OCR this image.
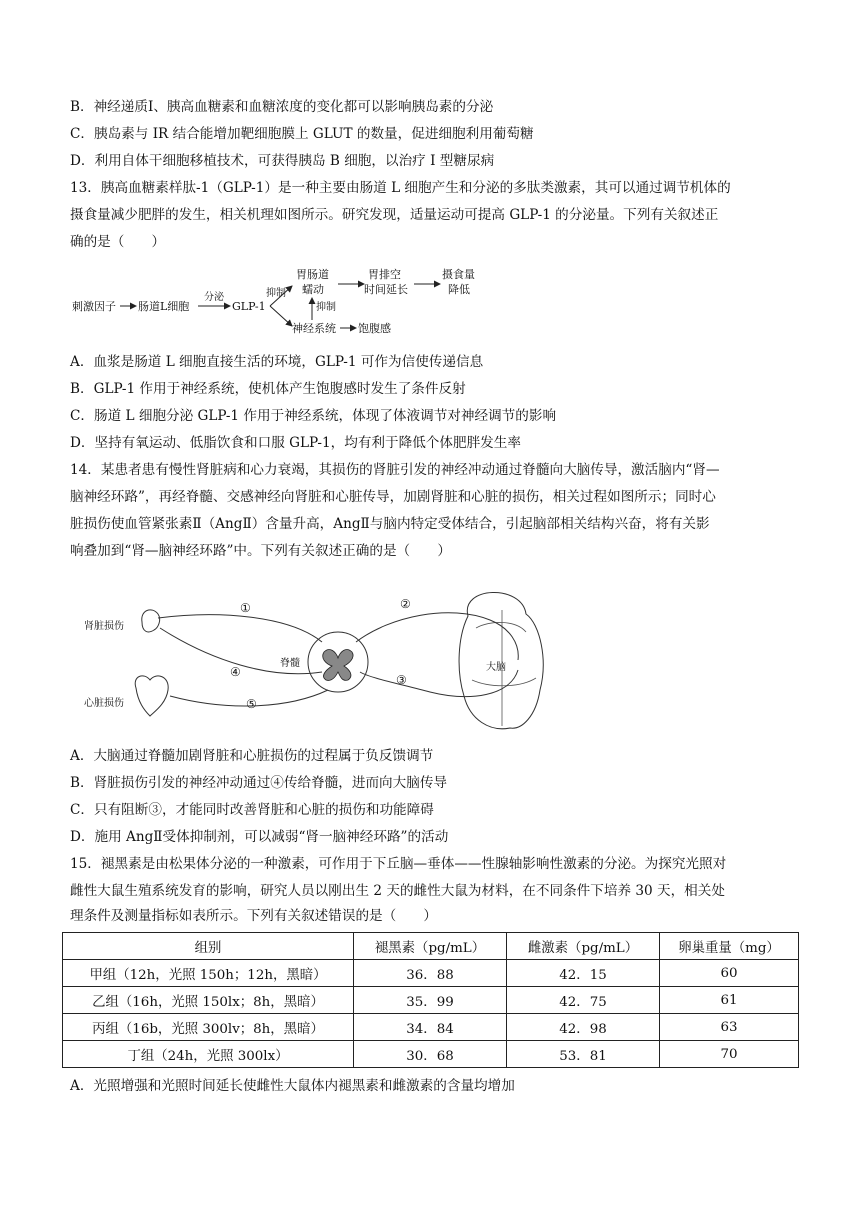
B．神经递质Ⅰ、胰高血糖素和血糖浓度的变化都可以影响胰岛素的分泌
C．胰岛素与 IR 结合能增加靶细胞膜上 GLUT 的数量，促进细胞利用葡萄糖
D．利用自体干细胞移植技术，可获得胰岛 B 细胞，以治疗 I 型糖尿病
13．胰高血糖素样肽-1（GLP-1）是一种主要由肠道 L 细胞产生和分泌的多肽类激素，其可以通过调节机体的
摄食量减少肥胖的发生，相关机理如图所示。研究发现，适量运动可提高 GLP-1 的分泌量。下列有关叙述正
确的是（　　）
刺激因子 肠道L细胞
分泌
GLP-1
抑制
胃肠道
蠕动
胃排空
时间延长
抑制
神经系统 饱腹感
摄食量
降低
A．血浆是肠道 L 细胞直接生活的环境，GLP-1 可作为信使传递信息
B．GLP-1 作用于神经系统，使机体产生饱腹感时发生了条件反射
C．肠道 L 细胞分泌 GLP-1 作用于神经系统，体现了体液调节对神经调节的影响
D．坚持有氧运动、低脂饮食和口服 GLP-1，均有利于降低个体肥胖发生率
14．某患者患有慢性肾脏病和心力衰竭，其损伤的肾脏引发的神经冲动通过脊髓向大脑传导，激活脑内“肾—
脑神经环路”，再经脊髓、交感神经向肾脏和心脏传导，加剧肾脏和心脏的损伤，相关过程如图所示；同时心
脏损伤使血管紧张素Ⅱ（AngⅡ）含量升高，AngⅡ与脑内特定受体结合，引起脑部相关结构兴奋，将有关影
响叠加到“肾—脑神经环路”中。下列有关叙述正确的是（　　）
肾脏损伤
心脏损伤
脊髓	大脑
①	②
③
④
⑤
A．大脑通过脊髓加剧肾脏和心脏损伤的过程属于负反馈调节
B．肾脏损伤引发的神经冲动通过④传给脊髓，进而向大脑传导
C．只有阻断③，才能同时改善肾脏和心脏的损伤和功能障碍
D．施用 AngⅡ受体抑制剂，可以减弱“肾一脑神经环路”的活动
15．褪黑素是由松果体分泌的一种激素，可作用于下丘脑—垂体——性腺轴影响性激素的分泌。为探究光照对
雌性大鼠生殖系统发育的影响，研究人员以刚出生 2 天的雌性大鼠为材料，在不同条件下培养 30 天，相关处
理条件及测量指标如表所示。下列有关叙述错误的是（　　）
组别	褪黑素（pg/mL）	雌激素（pg/mL）	卵巢重量（mg）
甲组（12h，光照 150h；12h，黑暗）	36．88	42．15	60
乙组（16h，光照 150lx；8h，黑暗）	35．99	42．75	61
丙组（16b，光照 300lv；8h，黑暗）	34．84	42．98	63
丁组（24h，光照 300lx）	30．68	53．81	70
A．光照增强和光照时间延长使雌性大鼠体内褪黑素和雌激素的含量均增加
